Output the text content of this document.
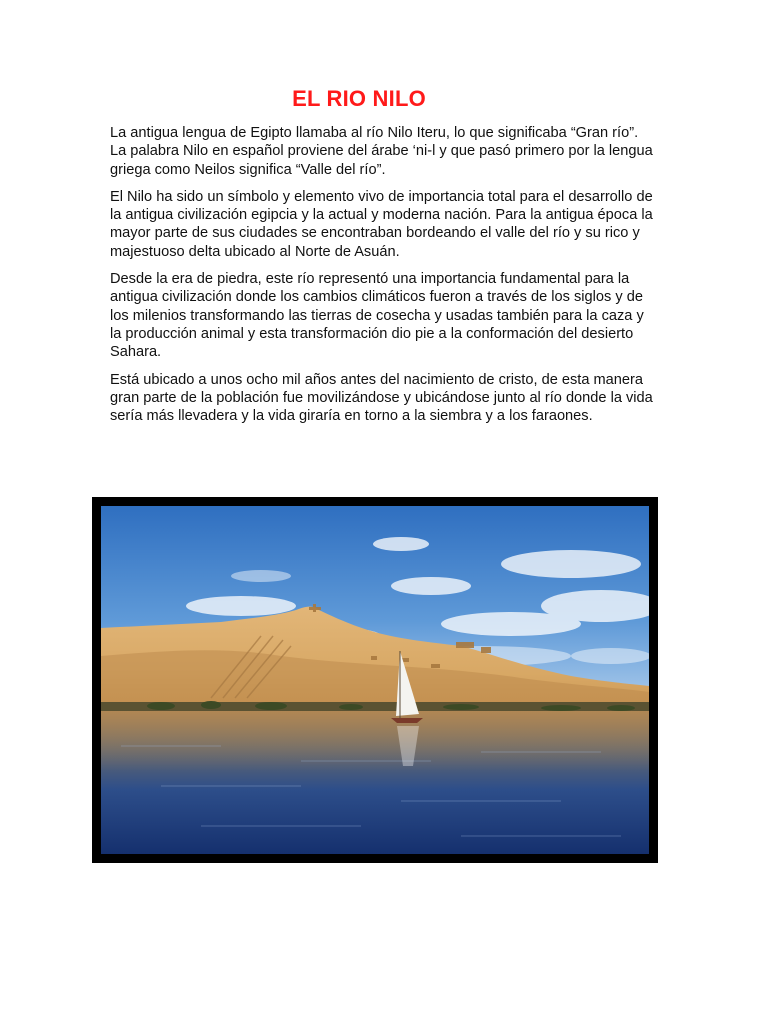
EL RIO NILO

La antigua lengua de Egipto llamaba al río Nilo Iteru, lo que significaba “Gran río”. La palabra Nilo en español proviene del árabe ‘ni-l y que pasó primero por la lengua griega como Neilos significa “Valle del río”.

El Nilo ha sido un símbolo y elemento vivo de importancia total para el desarrollo de la antigua civilización egipcia y la actual y moderna nación. Para la antigua época la mayor parte de sus ciudades se encontraban bordeando el valle del río y su rico y majestuoso delta ubicado al Norte de Asuán.

Desde la era de piedra, este río representó una importancia fundamental para la antigua civilización donde los cambios climáticos fueron a través de los siglos y de los milenios transformando las tierras de cosecha y usadas también para la caza y la producción animal y esta transformación dio pie a la conformación del desierto Sahara.

Está ubicado a unos ocho mil años antes del nacimiento de cristo, de esta manera gran parte de la población fue movilizándose y ubicándose junto al río donde la vida sería más llevadera y la vida giraría en torno a la siembra y a los faraones.
